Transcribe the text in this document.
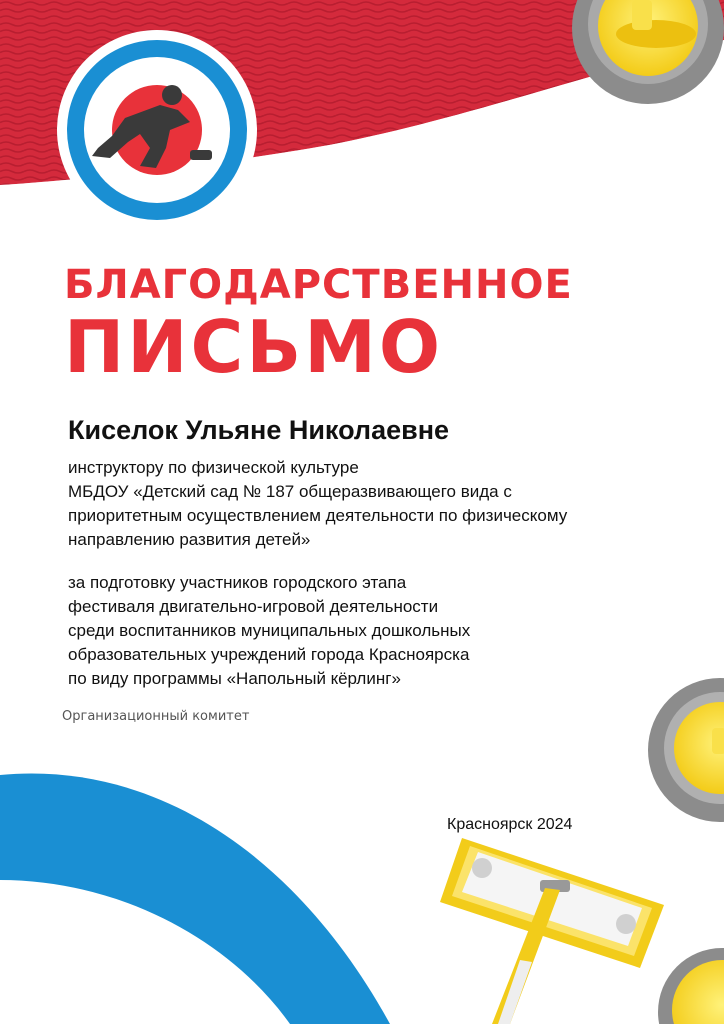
БЛАГОДАРСТВЕННОЕ
ПИСЬМО
Киселок Ульяне Николаевне
инструктору по физической культуре
МБДОУ «Детский сад № 187 общеразвивающего вида с
приоритетным осуществлением деятельности по физическому
направлению развития детей»
за подготовку участников городского этапа
фестиваля двигательно-игровой деятельности
среди воспитанников муниципальных дошкольных
образовательных учреждений города Красноярска
по виду программы «Напольный кёрлинг»
Организационный комитет
Красноярск 2024
